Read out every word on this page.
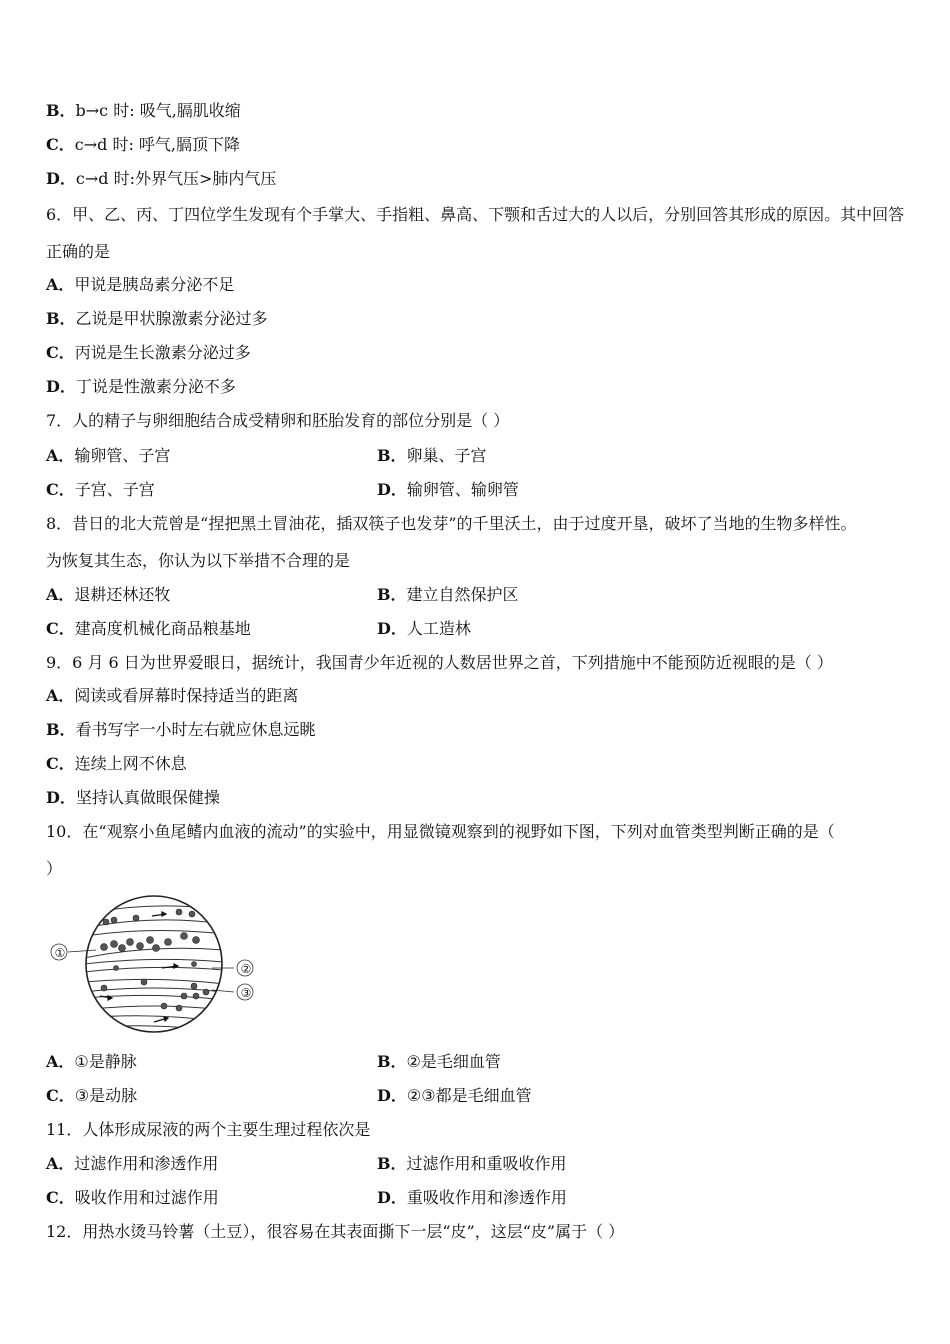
B．b→c 时: 吸气,膈肌收缩
C．c→d 时: 呼气,膈顶下降
D．c→d 时:外界气压>肺内气压
6．甲、乙、丙、丁四位学生发现有个手掌大、手指粗、鼻高、下颚和舌过大的人以后，分别回答其形成的原因。其中回答
正确的是
A．甲说是胰岛素分泌不足
B．乙说是甲状腺激素分泌过多
C．丙说是生长激素分泌过多
D．丁说是性激素分泌不多
7．人的精子与卵细胞结合成受精卵和胚胎发育的部位分别是（ ）
A．输卵管、子宫	B．卵巢、子宫
C．子宫、子宫	D．输卵管、输卵管
8．昔日的北大荒曾是“捏把黑土冒油花，插双筷子也发芽”的千里沃土，由于过度开垦，破坏了当地的生物多样性。
为恢复其生态，你认为以下举措不合理的是
A．退耕还林还牧	B．建立自然保护区
C．建高度机械化商品粮基地	D．人工造林
9．6 月 6 日为世界爱眼日，据统计，我国青少年近视的人数居世界之首，下列措施中不能预防近视眼的是（ ）
A．阅读或看屏幕时保持适当的距离
B．看书写字一小时左右就应休息远眺
C．连续上网不休息
D．坚持认真做眼保健操
10．在“观察小鱼尾鳍内血液的流动”的实验中，用显微镜观察到的视野如下图，下列对血管类型判断正确的是（
）
①
②
③
A．①是静脉	B．②是毛细血管
C．③是动脉	D．②③都是毛细血管
11．人体形成尿液的两个主要生理过程依次是
A．过滤作用和渗透作用	B．过滤作用和重吸收作用
C．吸收作用和过滤作用	D．重吸收作用和渗透作用
12．用热水烫马铃薯（土豆），很容易在其表面撕下一层“皮”，这层“皮”属于（ ）
